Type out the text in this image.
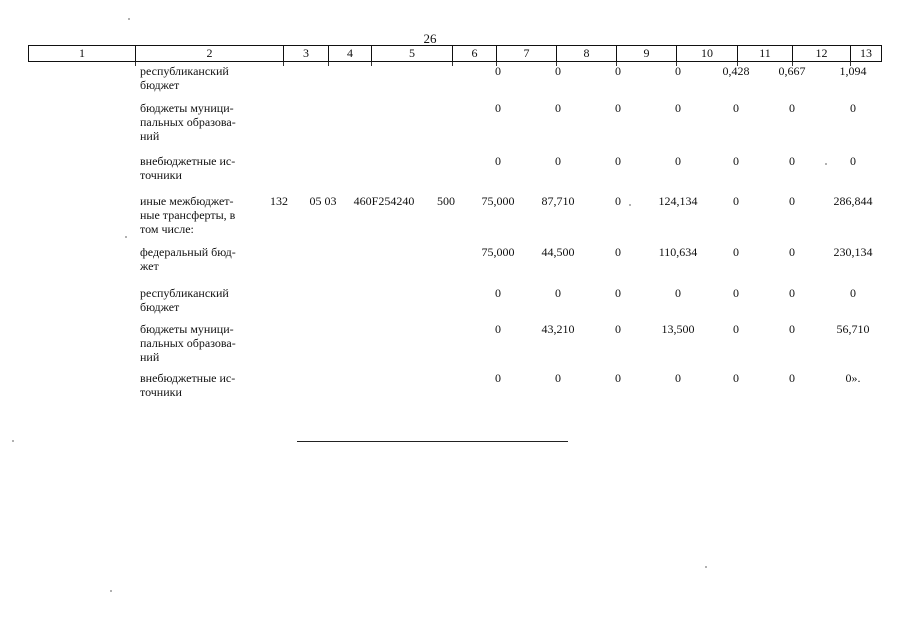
26
1	2	3	4	5	6	7	8	9	10	11	12	13
республиканский
бюджет
0	0	0	0	0,428	0,667	1,094
бюджеты муници-
пальных образова-
ний
0	0	0	0	0	0	0
внебюджетные ис-
точники
0	0	0	0	0	0	0
иные межбюджет-
ные трансферты, в
том числе:
132	05 03	460F254240	500	75,000	87,710	0	124,134	0	0	286,844
федеральный бюд-
жет
75,000	44,500	0	110,634	0	0	230,134
республиканский
бюджет
0	0	0	0	0	0	0
бюджеты муници-
пальных образова-
ний
0	43,210	0	13,500	0	0	56,710
внебюджетные ис-
точники
0	0	0	0	0	0	0».
